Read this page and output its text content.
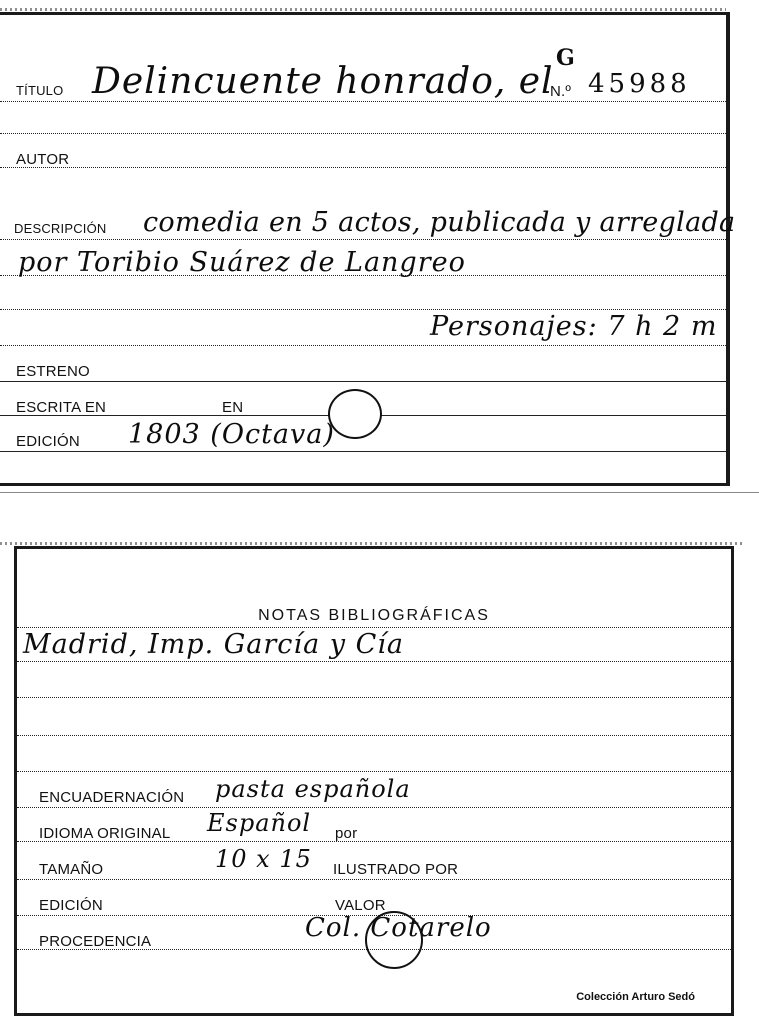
TÍTULO Delincuente honrado, el
G
N.º 45988
AUTOR
DESCRIPCIÓN comedia en 5 actos, publicada y arreglada
por Toribio Suárez de Langreo
Personajes: 7 h 2 m
ESTRENO
ESCRITA EN	EN
EDICIÓN 1803 (Octava)
NOTAS BIBLIOGRÁFICAS
Madrid, Imp. García y Cía
ENCUADERNACIÓN pasta española
IDIOMA ORIGINAL Español por
TAMAÑO	10 x 15 ILUSTRADO POR
EDICIÓN	VALOR
PROCEDENCIA	Col. Cotarelo
Colección Arturo Sedó
